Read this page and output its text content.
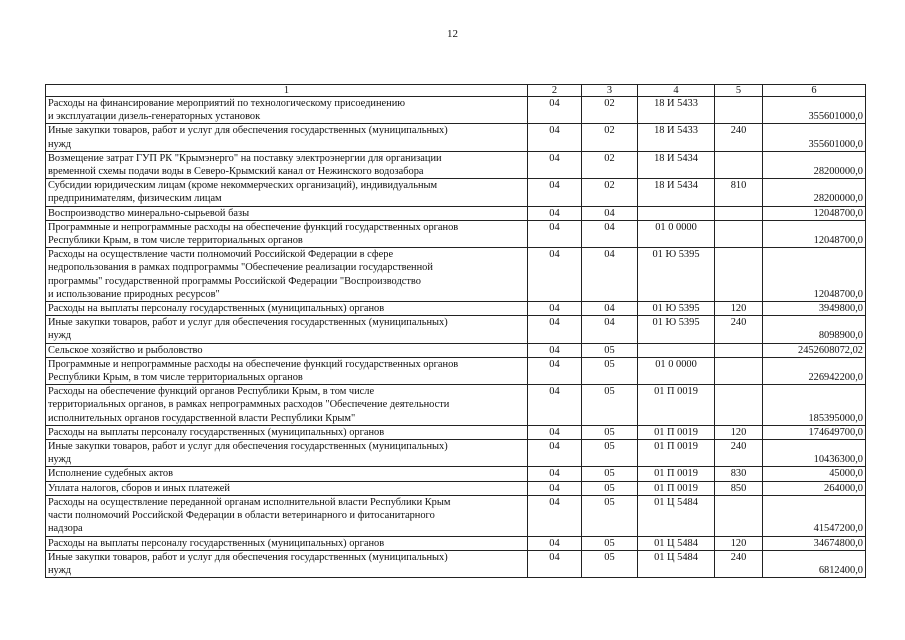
12
1	2	3	4	5	6
Расходы на финансирование мероприятий по технологическому присоединению
и эксплуатации дизель-генераторных установок	04	02	18 И 5433		355601000,0
Иные закупки товаров, работ и услуг для обеспечения государственных (муниципальных)
нужд	04	02	18 И 5433	240	355601000,0
Возмещение затрат ГУП РК "Крымэнерго" на поставку электроэнергии для организации
временной схемы подачи воды в Северо-Крымский канал от Нежинского водозабора	04	02	18 И 5434		28200000,0
Субсидии юридическим лицам (кроме некоммерческих организаций), индивидуальным
предпринимателям, физическим лицам	04	02	18 И 5434	810	28200000,0
Воспроизводство минерально-сырьевой базы	04	04			12048700,0
Программные и непрограммные расходы на обеспечение функций государственных органов
Республики Крым, в том числе территориальных органов	04	04	01 0 0000		12048700,0
Расходы на осуществление части полномочий Российской Федерации в сфере
недропользования в рамках подпрограммы "Обеспечение реализации государственной
программы" государственной программы Российской Федерации "Воспроизводство
и использование природных ресурсов"	04	04	01 Ю 5395		12048700,0
Расходы на выплаты персоналу государственных (муниципальных) органов	04	04	01 Ю 5395	120	3949800,0
Иные закупки товаров, работ и услуг для обеспечения государственных (муниципальных)
нужд	04	04	01 Ю 5395	240	8098900,0
Сельское хозяйство и рыболовство	04	05			2452608072,02
Программные и непрограммные расходы на обеспечение функций государственных органов
Республики Крым, в том числе территориальных органов	04	05	01 0 0000		226942200,0
Расходы на обеспечение функций органов Республики Крым, в том числе
территориальных органов, в рамках непрограммных расходов "Обеспечение деятельности
исполнительных органов государственной власти Республики Крым"	04	05	01 П 0019		185395000,0
Расходы на выплаты персоналу государственных (муниципальных) органов	04	05	01 П 0019	120	174649700,0
Иные закупки товаров, работ и услуг для обеспечения государственных (муниципальных)
нужд	04	05	01 П 0019	240	10436300,0
Исполнение судебных актов	04	05	01 П 0019	830	45000,0
Уплата налогов, сборов и иных платежей	04	05	01 П 0019	850	264000,0
Расходы на осуществление переданной органам исполнительной власти Республики Крым
части полномочий Российской Федерации в области ветеринарного и фитосанитарного
надзора	04	05	01 Ц 5484		41547200,0
Расходы на выплаты персоналу государственных (муниципальных) органов	04	05	01 Ц 5484	120	34674800,0
Иные закупки товаров, работ и услуг для обеспечения государственных (муниципальных)
нужд	04	05	01 Ц 5484	240	6812400,0
